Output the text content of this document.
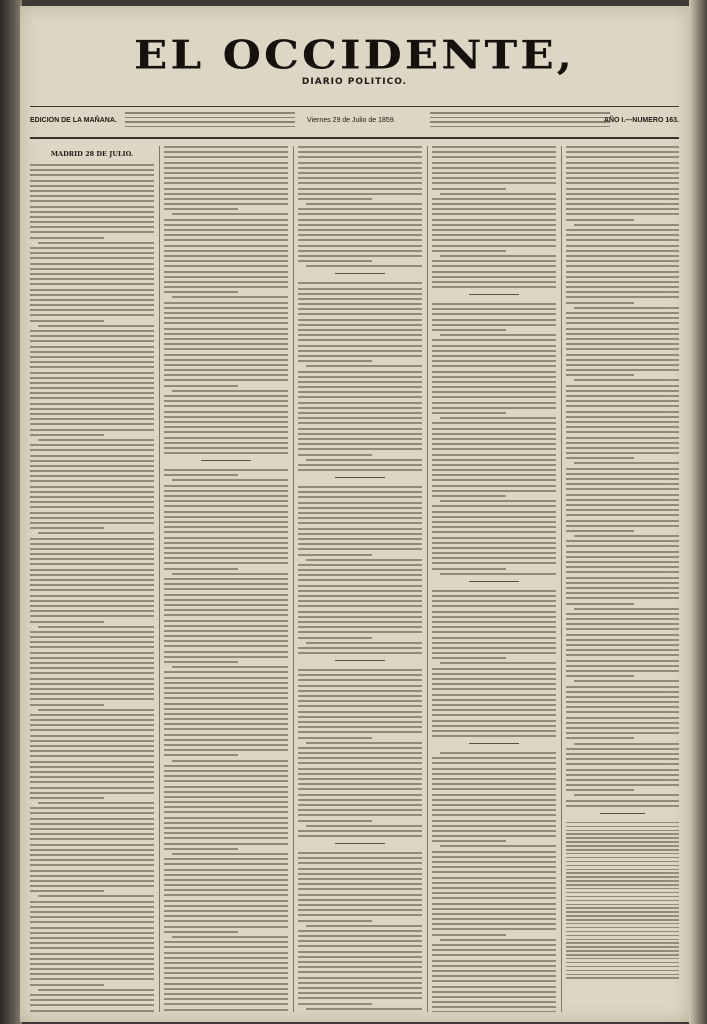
EL OCCIDENTE,
DIARIO POLITICO.
EDICION DE LA MAÑANA.	Viernes 29 de Julio de 1859.	AÑO I.—NUMERO 163.
MADRID 28 DE JULIO.
